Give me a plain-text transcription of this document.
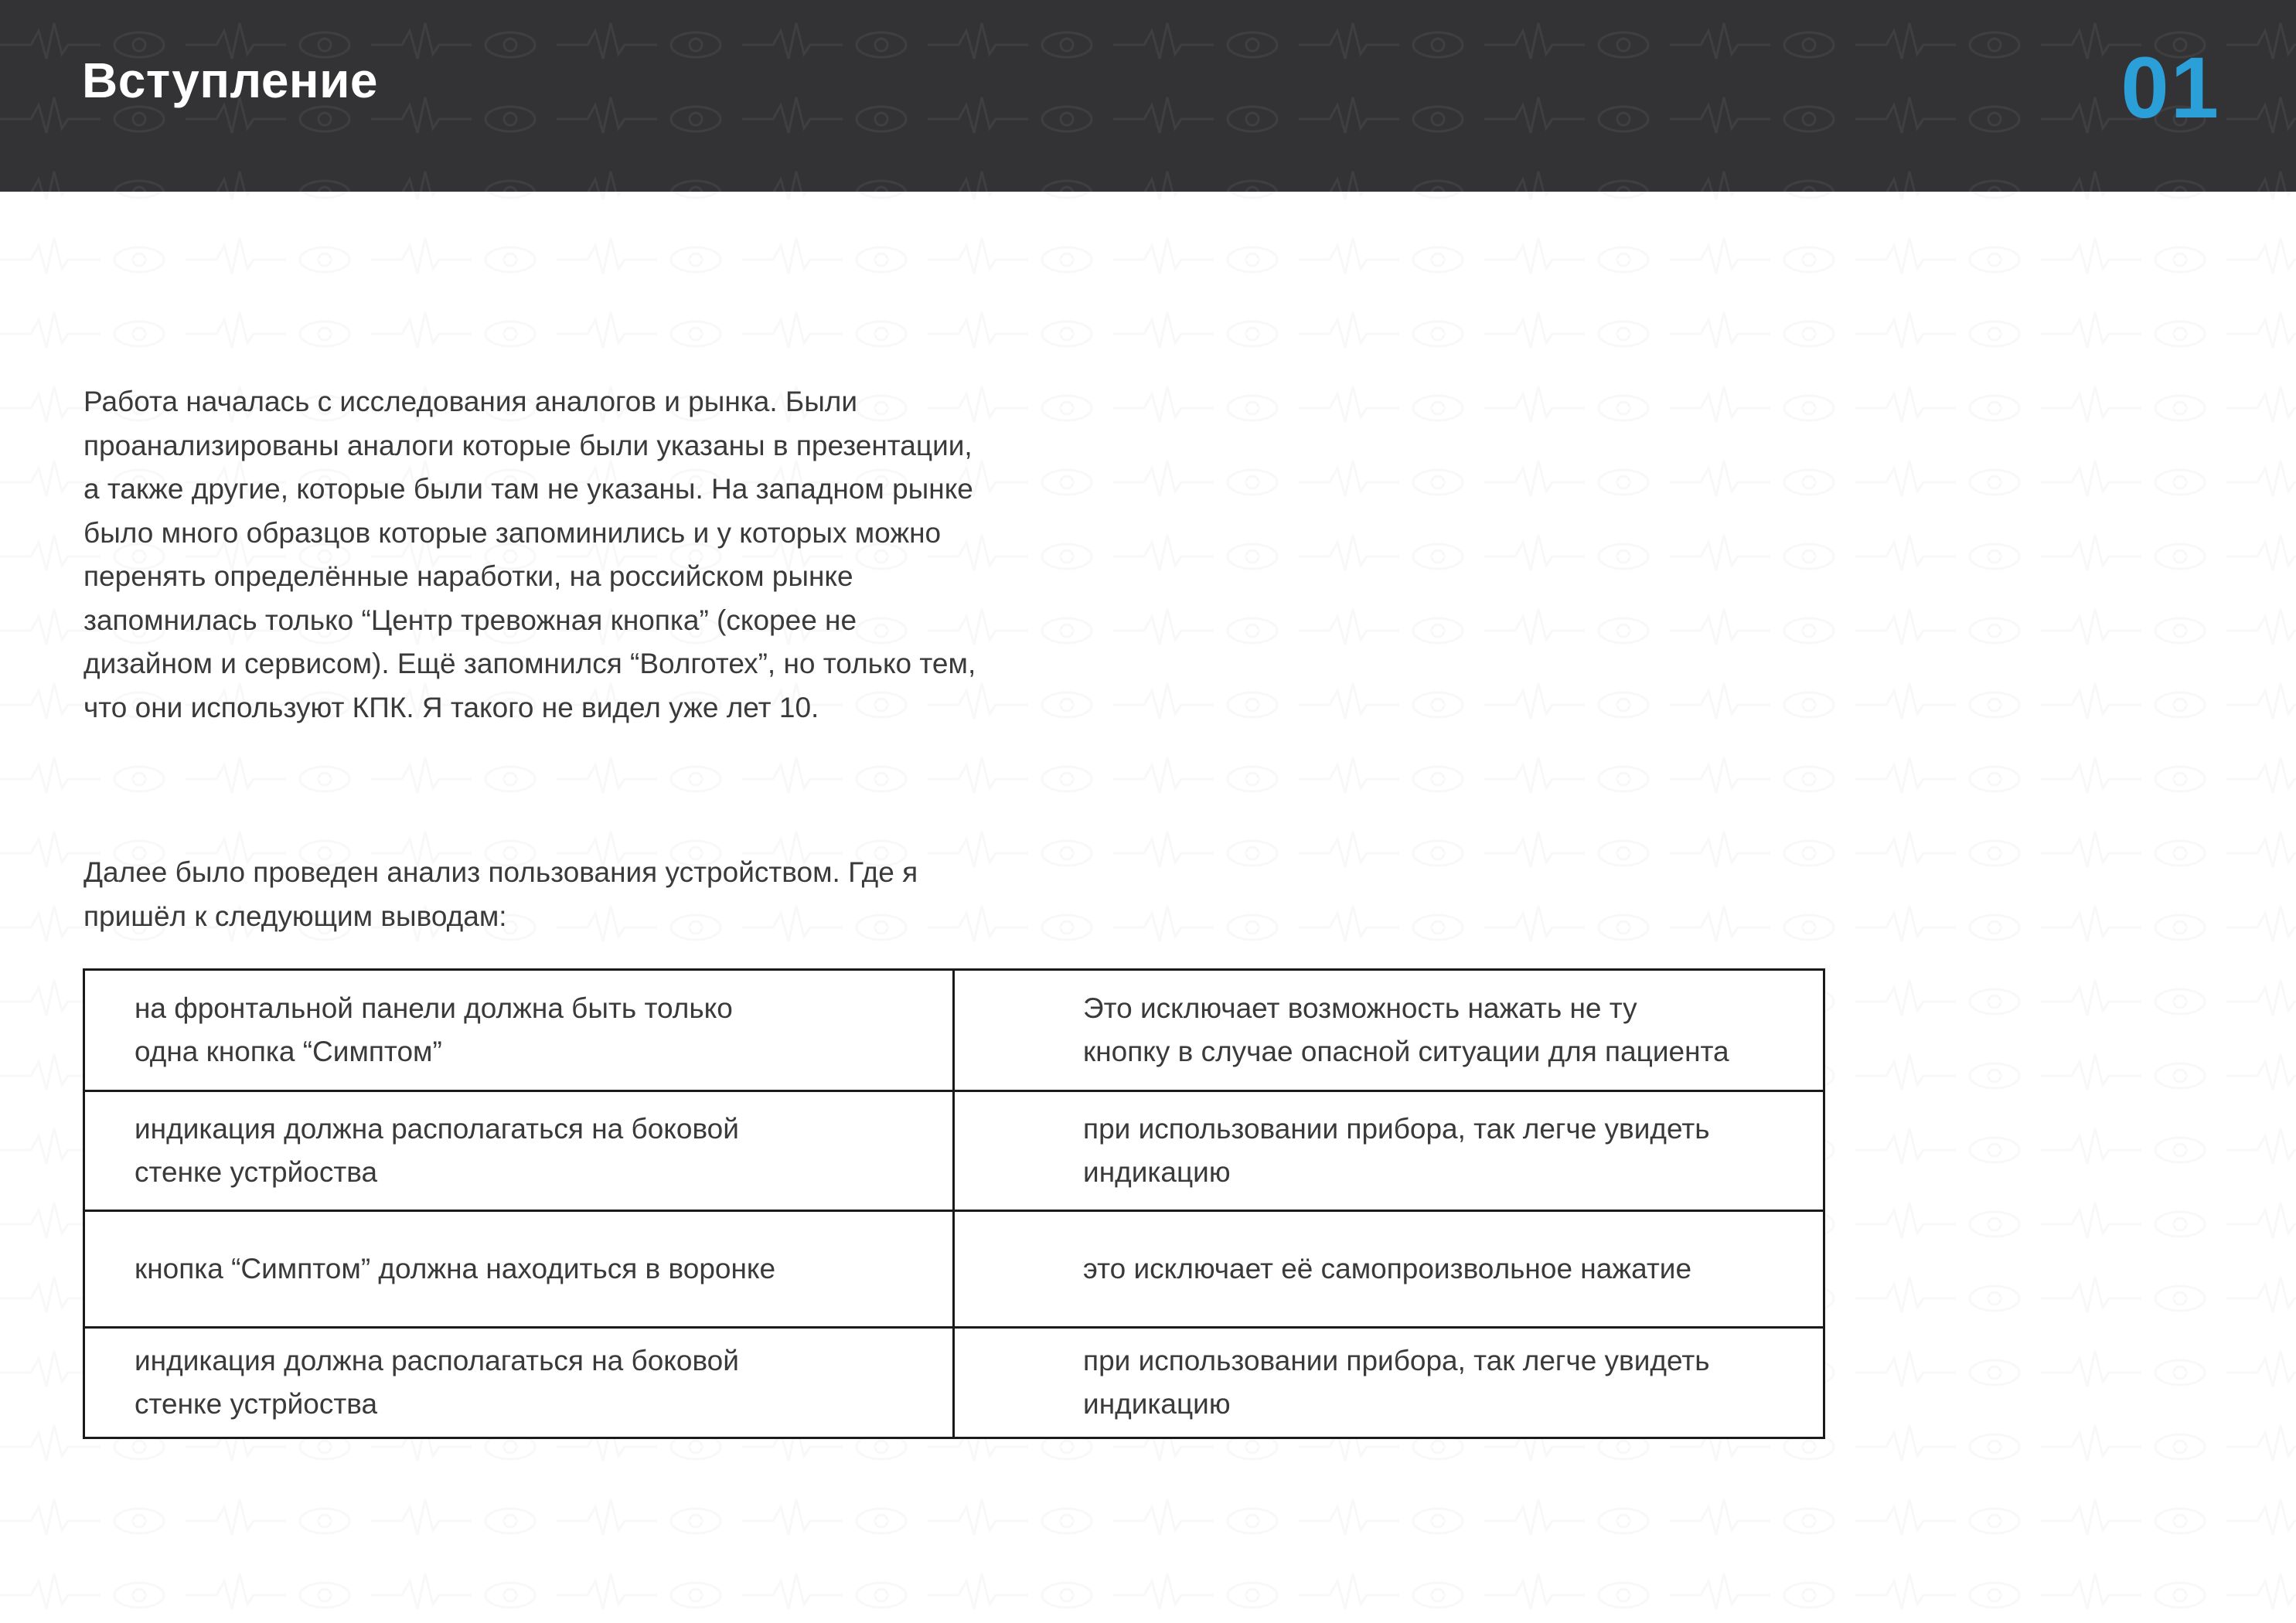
Вступление	01

Работа началась с исследования аналогов и рынка. Были
проанализированы аналоги которые были указаны в презентации,
а также другие, которые были там не указаны. На западном рынке
было много образцов которые запоминились и у которых можно
перенять определённые наработки, на российском рынке
запомнилась только “Центр тревожная кнопка” (скорее не
дизайном и сервисом). Ещё запомнился “Волготех”, но только тем,
что они используют КПК. Я такого не видел уже лет 10.

Далее было проведен анализ пользования устройством. Где я
пришёл к следующим выводам:

на фронтальной панели должна быть только
одна кнопка “Симптом”	Это исключает возможность нажать не ту
кнопку в случае опасной ситуации для пациента

индикация должна располагаться на боковой
стенке устрйоства	при использовании прибора, так легче увидеть
индикацию

кнопка “Симптом” должна находиться в воронке	это исключает её самопроизвольное нажатие

индикация должна располагаться на боковой
стенке устрйоства	при использовании прибора, так легче увидеть
индикацию
